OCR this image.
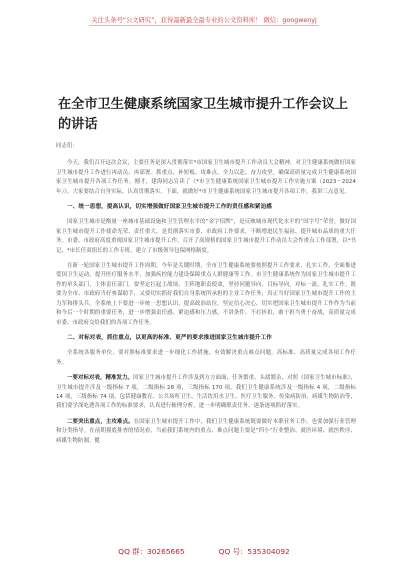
关注头条号“公文研究”，获得最新最全最专业的公文资料库！ 微信：gongwenyj
在全市卫生健康系统国家卫生城市提升工作会议上的讲话

同志们：

今天，我们召开这次会议，主要任务是深入贯彻落实*市国家卫生城市提升工作动员大会精神，对卫生健康系统做好国家卫生城市提升工作进行再动员、再部署。抓重点、补短板、攻难点，全力以赴、奋力攻坚，确保高质量完成卫生健康系统国家卫生城市提升各项工作任务。刚才，建海同志宣读了《*市卫生健康系统国家卫生城市提升工作实施方案（2023－2024年）》，大家要结合自身实际，认真贯彻落实。下面，就做好*市卫生健康系统国家卫生城市提升各项工作，我讲三点意见。

一、统一思想，提高认识，切实增强做好国家卫生城市提升工作的责任感和紧迫感

国家卫生城市是衡量一座城市基础设施和卫生管理水平的“金字招牌”，是反映城市现代化水平的“国字号”荣誉。做好国家卫生城市提升工作使命光荣、责任重大，是贯彻落实市委、市政府工作要求，不断增进民生福祉、提升城市品质的重大任务。市委、市政府高度重视国家卫生城市提升工作，召开了高规格的国家卫生城市提升工作动员大会作重点工作部署，以*书记、*市长任双组长的工作专班，建立了市级领导包保网格制度。

在新一轮国家卫生城市提升工作周期，今年是关键时期，全市卫生健康系统要按照提升工作要求，扎实工作，全面推进爱国卫生运动，提升医疗服务水平，加强疾控能力建设保障重点人群健康等工作。市卫生健康系统作为国家卫生城市提升工作的单头部门，主体责任部门，要坚定扛起主战场、主阵地职责使命，坚持问题导向、目标导向，对标一流，扎实工作。既要为全市、市政府当好参谋助手，又要切实抓好我们自身系统所承担的主业工作任务，真正当好国家卫生城市提升工作的主力军和排头兵。全系统上下要进一步统一思想认识，提高政治站位，坚定信心决心，切实把国家卫生城市提升工作作为当前和今后一个时期的重要任务，进一步增强责任感、紧迫感和压力感，不讲条件、不打折扣，敢于担当勇于奋战，高质量完成市委、市政府交给我们的各项工作任务。

二、对标对表，抓住重点，以更高的标准、更严的要求推进国家卫生城市提升工作

全系统各服务单位，要对照标准要求进一步细化工作措施，有效解决重点难点问题，高标准、高质量完成各项工作任务。

一要对标对表，精准发力。国家卫生城市提升工作涉及到方方面面，任务繁重、头绪繁杂，对照《国家卫生城市标准》，卫生城市提升涉及一级指标 7 项，二级指标 28 项，三级指标 170 项，我们卫生健康系统涉及一级指标 4 项，二级指标 14 项，三级指标 74 项，包括健康教育、公共场所卫生、生活饮用水卫生、医疗卫生服务、传染病防治、病媒生物防治等，我们要学深吃透各项工作的标准要求，认真进行梳理分析，进一步明确职责任务，逐条逐项抓好落实。

二要突出重点，主攻难点。在国家卫生城市提升工作中，我们卫生健康系统既要做好本职业务工作，也要加强行业管理和分类指导。在前期摸底排查的情况看，当前我们系统内的重点、难点问题主要是“四小”行业整治、就医环境、就医秩序、病媒生物防制、健

QQ 群：30265665	QQ 号：535304092
